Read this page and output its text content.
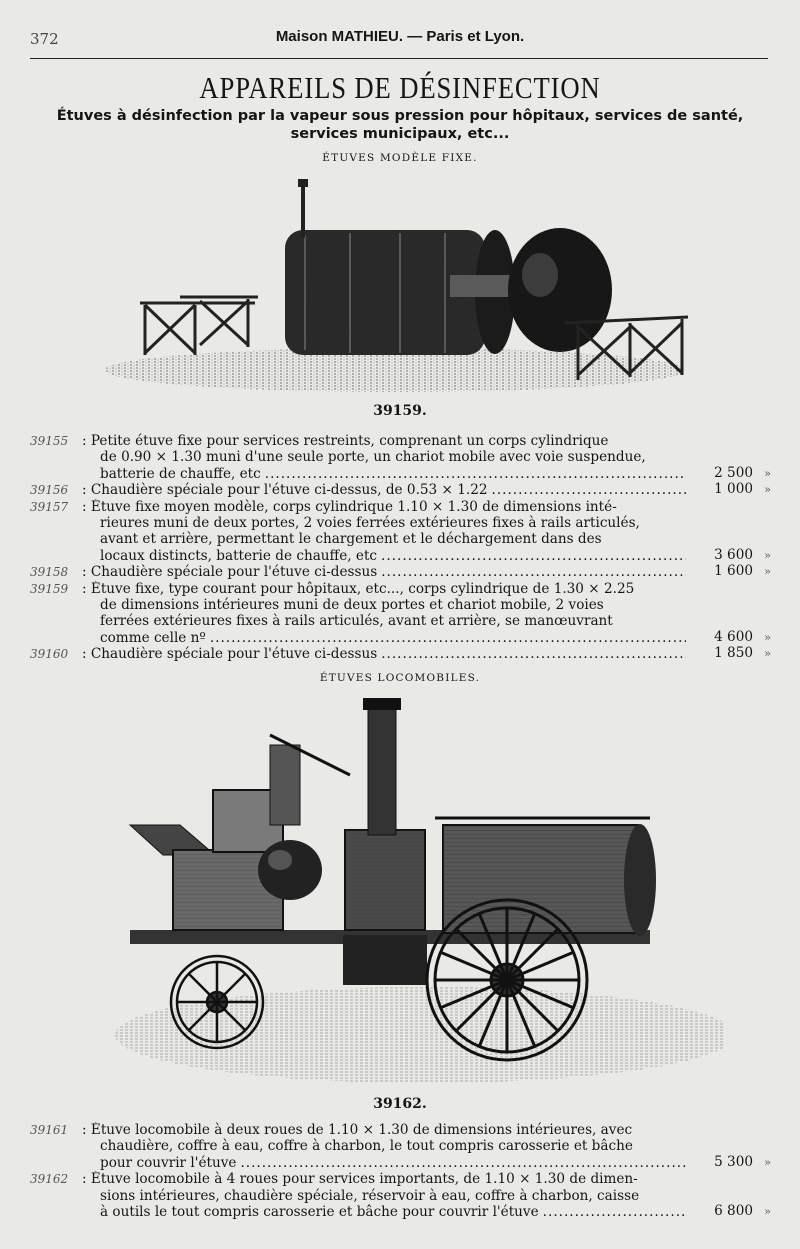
372	Maison MATHIEU. — Paris et Lyon.
APPAREILS DE DÉSINFECTION
Étuves à désinfection par la vapeur sous pression pour hôpitaux, services de santé,
services municipaux, etc...
ÉTUVES MODÈLE FIXE.
39159.
39155	: Petite étuve fixe pour services restreints, comprenant un corps cylindrique
de 0.90 × 1.30 muni d'une seule porte, un chariot mobile avec voie suspendue,
batterie de chauffe, etc .....	2 500 »
39156	: Chaudière spéciale pour l'étuve ci-dessus, de 0.53 × 1.22 .....	1 000 »
39157	: Étuve fixe moyen modèle, corps cylindrique 1.10 × 1.30 de dimensions inté-
rieures muni de deux portes, 2 voies ferrées extérieures fixes à rails articulés,
avant et arrière, permettant le chargement et le déchargement dans des
locaux distincts, batterie de chauffe, etc .....	3 600 »
39158	: Chaudière spéciale pour l'étuve ci-dessus .....	1 600 »
39159	: Étuve fixe, type courant pour hôpitaux, etc..., corps cylindrique de 1.30 × 2.25
de dimensions intérieures muni de deux portes et chariot mobile, 2 voies
ferrées extérieures fixes à rails articulés, avant et arrière, se manœuvrant
comme celle nº .....	4 600 »
39160	: Chaudière spéciale pour l'étuve ci-dessus .....	1 850 »
ÉTUVES LOCOMOBILES.
39162.
39161	: Étuve locomobile à deux roues de 1.10 × 1.30 de dimensions intérieures, avec
chaudière, coffre à eau, coffre à charbon, le tout compris carosserie et bâche
pour couvrir l'étuve .....	5 300 »
39162	: Étuve locomobile à 4 roues pour services importants, de 1.10 × 1.30 de dimen-
sions intérieures, chaudière spéciale, réservoir à eau, coffre à charbon, caisse
à outils le tout compris carosserie et bâche pour couvrir l'étuve .....	6 800 »
